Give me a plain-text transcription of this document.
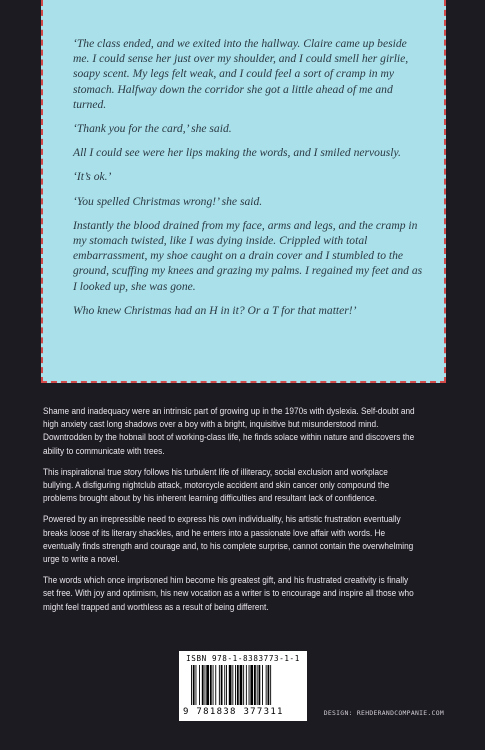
‘The class ended, and we exited into the hallway. Claire came up beside me. I could sense her just over my shoulder, and I could smell her girlie, soapy scent. My legs felt weak, and I could feel a sort of cramp in my stomach. Halfway down the corridor she got a little ahead of me and turned.

‘Thank you for the card,’ she said.

All I could see were her lips making the words, and I smiled nervously.

‘It’s ok.’

‘You spelled Christmas wrong!’ she said.

Instantly the blood drained from my face, arms and legs, and the cramp in my stomach twisted, like I was dying inside. Crippled with total embarrassment, my shoe caught on a drain cover and I stumbled to the ground, scuffing my knees and grazing my palms. I regained my feet and as I looked up, she was gone.

Who knew Christmas had an H in it? Or a T for that matter!’

Shame and inadequacy were an intrinsic part of growing up in the 1970s with dyslexia. Self-doubt and high anxiety cast long shadows over a boy with a bright, inquisitive but misunderstood mind. Downtrodden by the hobnail boot of working-class life, he finds solace within nature and discovers the ability to communicate with trees.

This inspirational true story follows his turbulent life of illiteracy, social exclusion and workplace bullying. A disfiguring nightclub attack, motorcycle accident and skin cancer only compound the problems brought about by his inherent learning difficulties and resultant lack of confidence.

Powered by an irrepressible need to express his own individuality, his artistic frustration eventually breaks loose of its literary shackles, and he enters into a passionate love affair with words. He eventually finds strength and courage and, to his complete surprise, cannot contain the overwhelming urge to write a novel.

The words which once imprisoned him become his greatest gift, and his frustrated creativity is finally set free. With joy and optimism, his new vocation as a writer is to encourage and inspire all those who might feel trapped and worthless as a result of being different.

ISBN 978-1-8383773-1-1
9 781838 377311	DESIGN: REHDERANDCOMPANIE.COM
